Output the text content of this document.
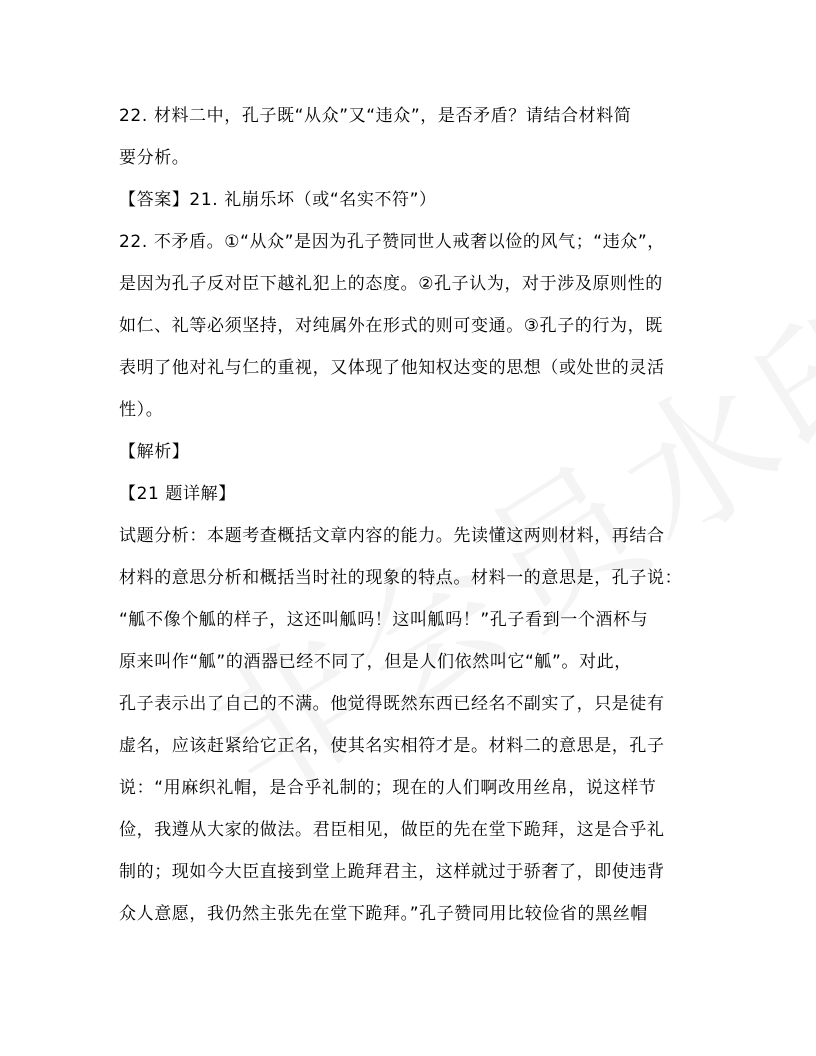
22. 材料二中，孔子既“从众”又“违众”，是否矛盾？请结合材料简
要分析。
【答案】21. 礼崩乐坏（或“名实不符”）
22. 不矛盾。①“从众”是因为孔子赞同世人戒奢以俭的风气；“违众”，
是因为孔子反对臣下越礼犯上的态度。②孔子认为，对于涉及原则性的
如仁、礼等必须坚持，对纯属外在形式的则可变通。③孔子的行为，既
表明了他对礼与仁的重视，又体现了他知权达变的思想（或处世的灵活
性）。
【解析】
【21 题详解】
试题分析：本题考查概括文章内容的能力。先读懂这两则材料，再结合
材料的意思分析和概括当时社的现象的特点。材料一的意思是，孔子说：
“觚不像个觚的样子，这还叫觚吗！这叫觚吗！”孔子看到一个酒杯与
原来叫作“觚”的酒器已经不同了，但是人们依然叫它“觚”。对此，
孔子表示出了自己的不满。他觉得既然东西已经名不副实了，只是徒有
虚名，应该赶紧给它正名，使其名实相符才是。材料二的意思是，孔子
说：“用麻织礼帽，是合乎礼制的；现在的人们啊改用丝帛，说这样节
俭，我遵从大家的做法。君臣相见，做臣的先在堂下跪拜，这是合乎礼
制的；现如今大臣直接到堂上跪拜君主，这样就过于骄奢了，即使违背
众人意愿，我仍然主张先在堂下跪拜。”孔子赞同用比较俭省的黑丝帽
